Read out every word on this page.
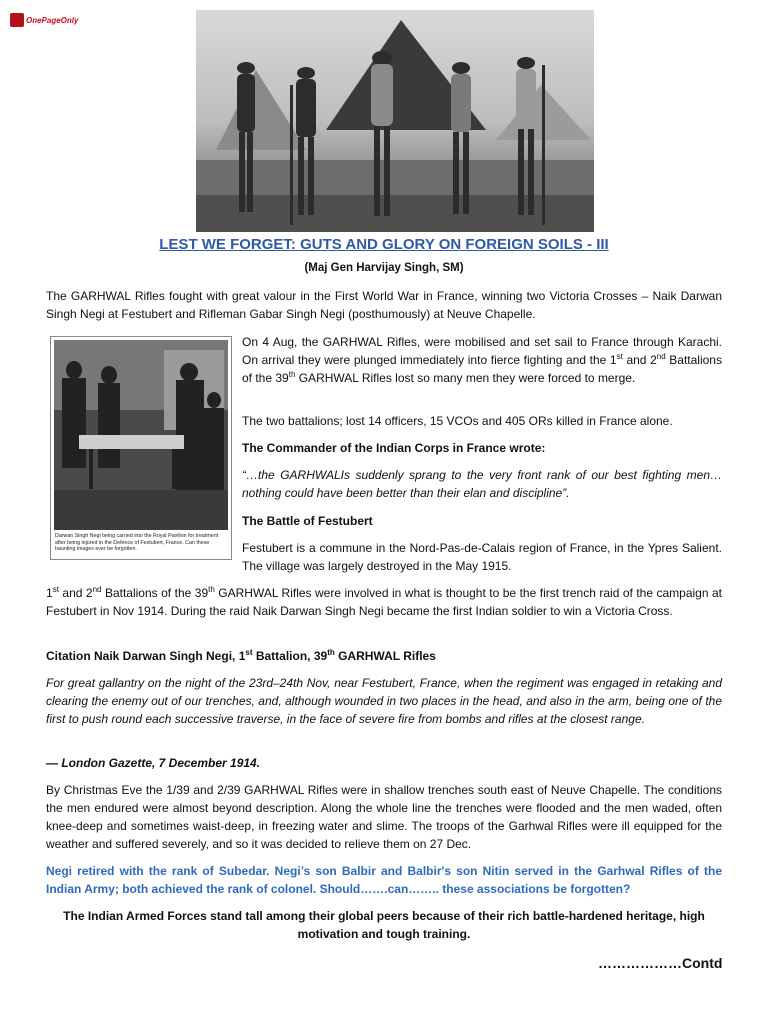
OnePageOnly
LEST WE FORGET: GUTS AND GLORY ON FOREIGN SOILS - III
(Maj Gen Harvijay Singh, SM)
The GARHWAL Rifles fought with great valour in the First World War in France, winning two Victoria Crosses – Naik Darwan Singh Negi at Festubert and Rifleman Gabar Singh Negi (posthumously) at Neuve Chapelle.
Darwan Singh Negi being carried into the Royal Pavilion for treatment after being injured in the Defence of Festubert, France. Can these haunting images ever be forgotten.
On 4 Aug, the GARHWAL Rifles, were mobilised and set sail to France through Karachi. On arrival they were plunged immediately into fierce fighting and the 1st and 2nd Battalions of the 39th GARHWAL Rifles lost so many men they were forced to merge.
The two battalions; lost 14 officers, 15 VCOs and 405 ORs killed in France alone.
The Commander of the Indian Corps in France wrote:
“…the GARHWALIs suddenly sprang to the very front rank of our best fighting men… nothing could have been better than their elan and discipline”.
The Battle of Festubert
Festubert is a commune in the Nord-Pas-de-Calais region of France, in the Ypres Salient. The village was largely destroyed in the May 1915.
1st and 2nd Battalions of the 39th GARHWAL Rifles were involved in what is thought to be the first trench raid of the campaign at Festubert in Nov 1914. During the raid Naik Darwan Singh Negi became the first Indian soldier to win a Victoria Cross.
Citation Naik Darwan Singh Negi, 1st Battalion, 39th GARHWAL Rifles
For great gallantry on the night of the 23rd–24th Nov, near Festubert, France, when the regiment was engaged in retaking and clearing the enemy out of our trenches, and, although wounded in two places in the head, and also in the arm, being one of the first to push round each successive traverse, in the face of severe fire from bombs and rifles at the closest range.
— London Gazette, 7 December 1914.
By Christmas Eve the 1/39 and 2/39 GARHWAL Rifles were in shallow trenches south east of Neuve Chapelle. The conditions the men endured were almost beyond description. Along the whole line the trenches were flooded and the men waded, often knee-deep and sometimes waist-deep, in freezing water and slime. The troops of the Garhwal Rifles were ill equipped for the weather and suffered severely, and so it was decided to relieve them on 27 Dec.
Negi retired with the rank of Subedar. Negi’s son Balbir and Balbir's son Nitin served in the Garhwal Rifles of the Indian Army; both achieved the rank of colonel. Should…….can…….. these associations be forgotten?
The Indian Armed Forces stand tall among their global peers because of their rich battle-hardened heritage, high motivation and tough training.
………………Contd
